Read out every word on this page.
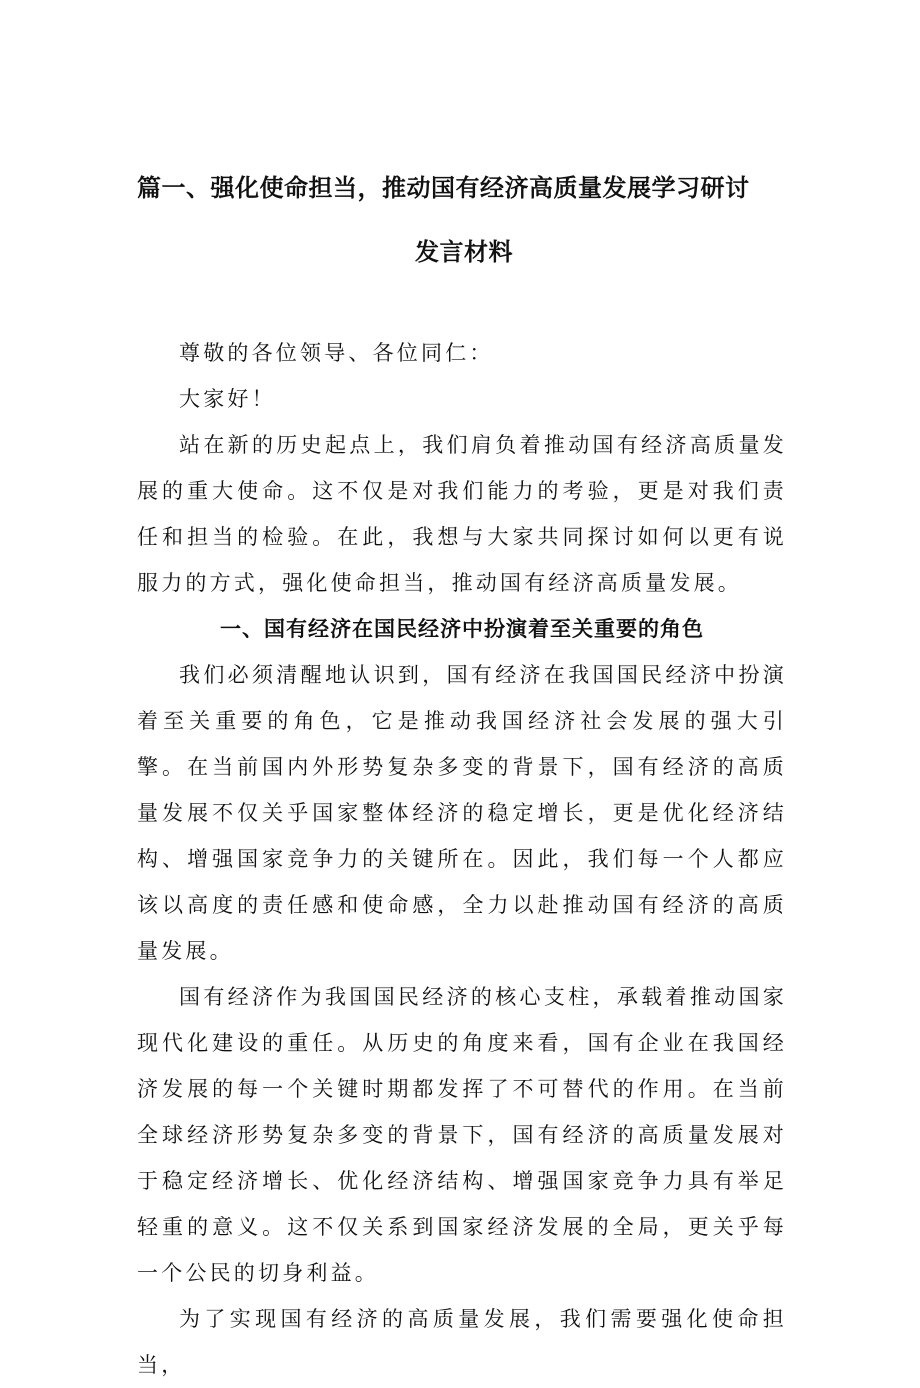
篇一、强化使命担当，推动国有经济高质量发展学习研讨
发言材料

尊敬的各位领导、各位同仁：

大家好！

站在新的历史起点上，我们肩负着推动国有经济高质量发展的重大使命。这不仅是对我们能力的考验，更是对我们责任和担当的检验。在此，我想与大家共同探讨如何以更有说服力的方式，强化使命担当，推动国有经济高质量发展。

一、国有经济在国民经济中扮演着至关重要的角色

我们必须清醒地认识到，国有经济在我国国民经济中扮演着至关重要的角色，它是推动我国经济社会发展的强大引擎。在当前国内外形势复杂多变的背景下，国有经济的高质量发展不仅关乎国家整体经济的稳定增长，更是优化经济结构、增强国家竞争力的关键所在。因此，我们每一个人都应该以高度的责任感和使命感，全力以赴推动国有经济的高质量发展。

国有经济作为我国国民经济的核心支柱，承载着推动国家现代化建设的重任。从历史的角度来看，国有企业在我国经济发展的每一个关键时期都发挥了不可替代的作用。在当前全球经济形势复杂多变的背景下，国有经济的高质量发展对于稳定经济增长、优化经济结构、增强国家竞争力具有举足轻重的意义。这不仅关系到国家经济发展的全局，更关乎每一个公民的切身利益。

为了实现国有经济的高质量发展，我们需要强化使命担当，
